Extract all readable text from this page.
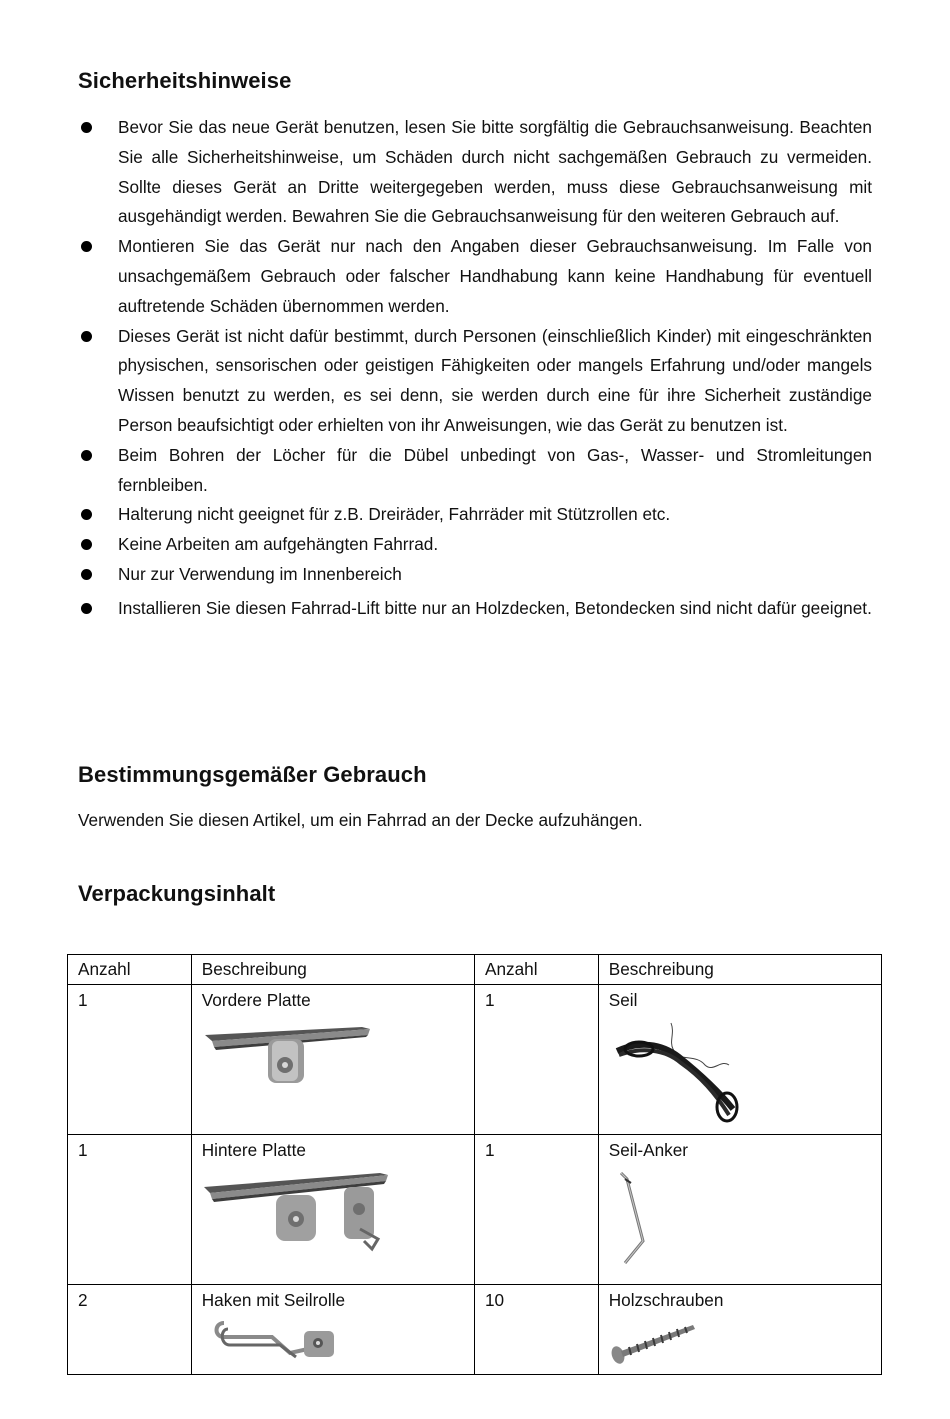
Sicherheitshinweise
Bevor Sie das neue Gerät benutzen, lesen Sie bitte sorgfältig die Gebrauchsanweisung. Beachten Sie alle Sicherheitshinweise, um Schäden durch nicht sachgemäßen Gebrauch zu vermeiden. Sollte dieses Gerät an Dritte weitergegeben werden, muss diese Gebrauchsanweisung mit ausgehändigt werden. Bewahren Sie die Gebrauchsanweisung für den weiteren Gebrauch auf.
Montieren Sie das Gerät nur nach den Angaben dieser Gebrauchsanweisung. Im Falle von unsachgemäßem Gebrauch oder falscher Handhabung kann keine Handhabung für eventuell auftretende Schäden übernommen werden.
Dieses Gerät ist nicht dafür bestimmt, durch Personen (einschließlich Kinder) mit eingeschränkten physischen, sensorischen oder geistigen Fähigkeiten oder mangels Erfahrung und/oder mangels Wissen benutzt zu werden, es sei denn, sie werden durch eine für ihre Sicherheit zuständige Person beaufsichtigt oder erhielten von ihr Anweisungen, wie das Gerät zu benutzen ist.
Beim Bohren der Löcher für die Dübel unbedingt von Gas-, Wasser- und Stromleitungen fernbleiben.
Halterung nicht geeignet für z.B. Dreiräder, Fahrräder mit Stützrollen etc.
Keine Arbeiten am aufgehängten Fahrrad.
Nur zur Verwendung im Innenbereich
Installieren Sie diesen Fahrrad-Lift bitte nur an Holzdecken, Betondecken sind nicht dafür geeignet.
Bestimmungsgemäßer Gebrauch

Verwenden Sie diesen Artikel, um ein Fahrrad an der Decke aufzuhängen.

Verpackungsinhalt
Anzahl	Beschreibung	Anzahl	Beschreibung
1	Vordere Platte	1	Seil

1	Hintere Platte	1	Seil-Anker

2	Haken mit Seilrolle	10	Holzschrauben
